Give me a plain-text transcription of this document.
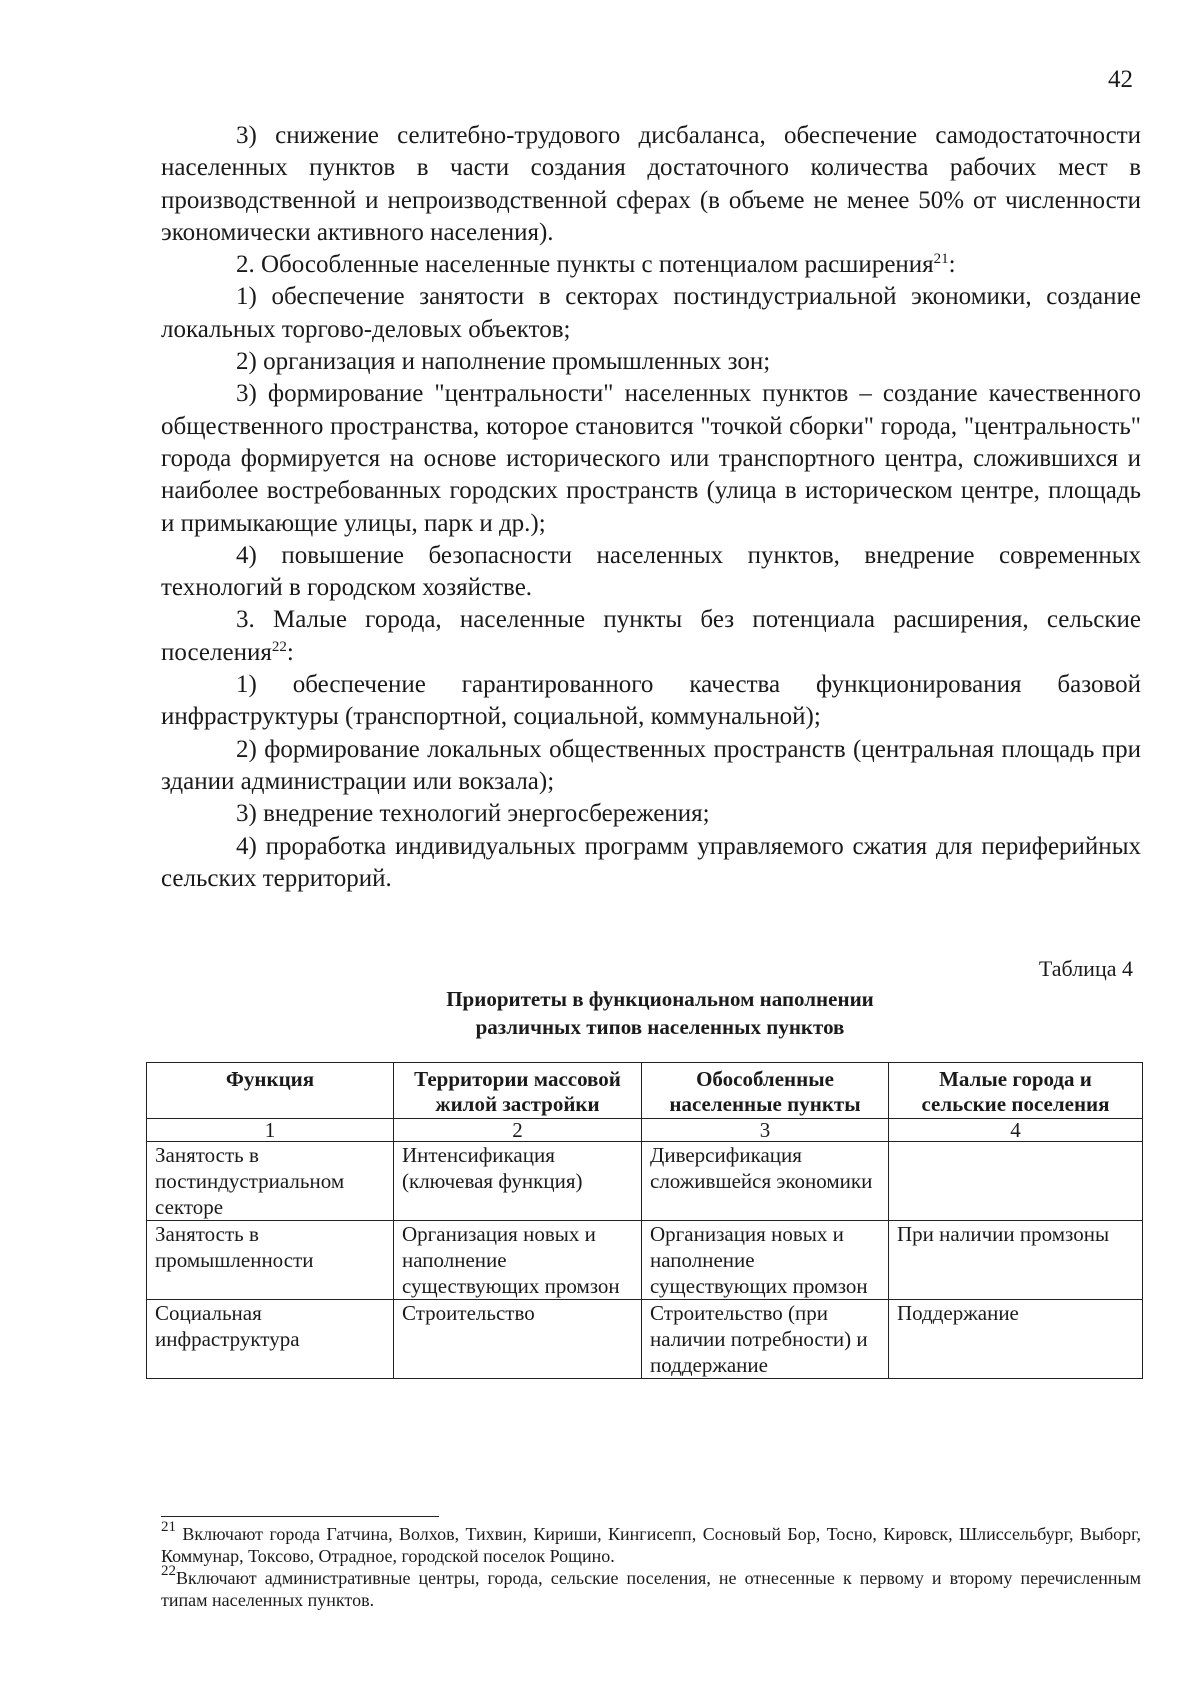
42

3) снижение селитебно-трудового дисбаланса, обеспечение самодостаточности населенных пунктов в части создания достаточного количества рабочих мест в производственной и непроизводственной сферах (в объеме не менее 50% от численности экономически активного населения).

2. Обособленные населенные пункты с потенциалом расширения$^{21}$:

1) обеспечение занятости в секторах постиндустриальной экономики, создание локальных торгово-деловых объектов;

2) организация и наполнение промышленных зон;

3) формирование "центральности" населенных пунктов – создание качественного общественного пространства, которое становится "точкой сборки" города, "центральность" города формируется на основе исторического или транспортного центра, сложившихся и наиболее востребованных городских пространств (улица в историческом центре, площадь и примыкающие улицы, парк и др.);

4) повышение безопасности населенных пунктов, внедрение современных технологий в городском хозяйстве.

3. Малые города, населенные пункты без потенциала расширения, сельские поселения$^{22}$:

1) обеспечение гарантированного качества функционирования базовой инфраструктуры (транспортной, социальной, коммунальной);

2) формирование локальных общественных пространств (центральная площадь при здании администрации или вокзала);

3) внедрение технологий энергосбережения;

4) проработка индивидуальных программ управляемого сжатия для периферийных сельских территорий.

Таблица 4
Приоритеты в функциональном наполнении
различных типов населенных пунктов
Функция	Территории массовой жилой застройки	Обособленные населенные пункты	Малые города и сельские поселения
1	2	3	4
Занятость в постиндустриальном секторе	Интенсификация (ключевая функция)	Диверсификация сложившейся экономики	
Занятость в промышленности	Организация новых и наполнение существующих промзон	Организация новых и наполнение существующих промзон	При наличии промзоны
Социальная инфраструктура	Строительство	Строительство (при наличии потребности) и поддержание	Поддержание

$^{21}$ Включают города Гатчина, Волхов, Тихвин, Кириши, Кингисепп, Сосновый Бор, Тосно, Кировск, Шлиссельбург, Выборг, Коммунар, Токсово, Отрадное, городской поселок Рощино.

$^{22}$Включают административные центры, города, сельские поселения, не отнесенные к первому и второму перечисленным типам населенных пунктов.
